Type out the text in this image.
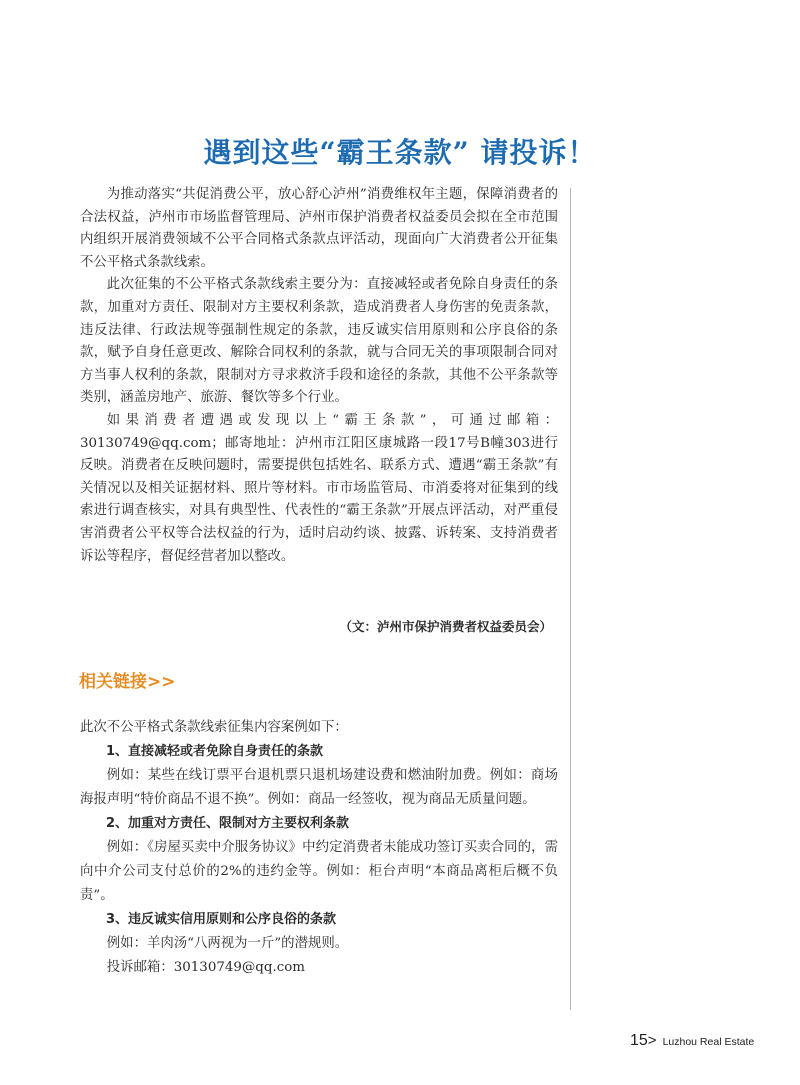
遇到这些“霸王条款” 请投诉！

为推动落实“共促消费公平，放心舒心泸州”消费维权年主题，保障消费者的合法权益，泸州市市场监督管理局、泸州市保护消费者权益委员会拟在全市范围内组织开展消费领域不公平合同格式条款点评活动，现面向广大消费者公开征集不公平格式条款线索。

此次征集的不公平格式条款线索主要分为：直接减轻或者免除自身责任的条款，加重对方责任、限制对方主要权利条款，造成消费者人身伤害的免责条款，违反法律、行政法规等强制性规定的条款，违反诚实信用原则和公序良俗的条款，赋予自身任意更改、解除合同权利的条款，就与合同无关的事项限制合同对方当事人权利的条款，限制对方寻求救济手段和途径的条款，其他不公平条款等类别，涵盖房地产、旅游、餐饮等多个行业。

如果消费者遭遇或发现以上“霸王条款”，可通过邮箱：30130749@qq.com；邮寄地址：泸州市江阳区康城路一段17号B幢303进行反映。消费者在反映问题时，需要提供包括姓名、联系方式、遭遇“霸王条款”有关情况以及相关证据材料、照片等材料。市市场监管局、市消委将对征集到的线索进行调查核实，对具有典型性、代表性的“霸王条款”开展点评活动，对严重侵害消费者公平权等合法权益的行为，适时启动约谈、披露、诉转案、支持消费者诉讼等程序，督促经营者加以整改。

（文：泸州市保护消费者权益委员会）
相关链接>>

此次不公平格式条款线索征集内容案例如下：

1、直接减轻或者免除自身责任的条款

例如：某些在线订票平台退机票只退机场建设费和燃油附加费。例如：商场海报声明“特价商品不退不换”。例如：商品一经签收，视为商品无质量问题。

2、加重对方责任、限制对方主要权利条款

例如：《房屋买卖中介服务协议》中约定消费者未能成功签订买卖合同的，需向中介公司支付总价的2%的违约金等。例如：柜台声明“本商品离柜后概不负责”。

3、违反诚实信用原则和公序良俗的条款

例如：羊肉汤“八两视为一斤”的潜规则。

投诉邮箱：30130749@qq.com

15 > Luzhou Real Estate
